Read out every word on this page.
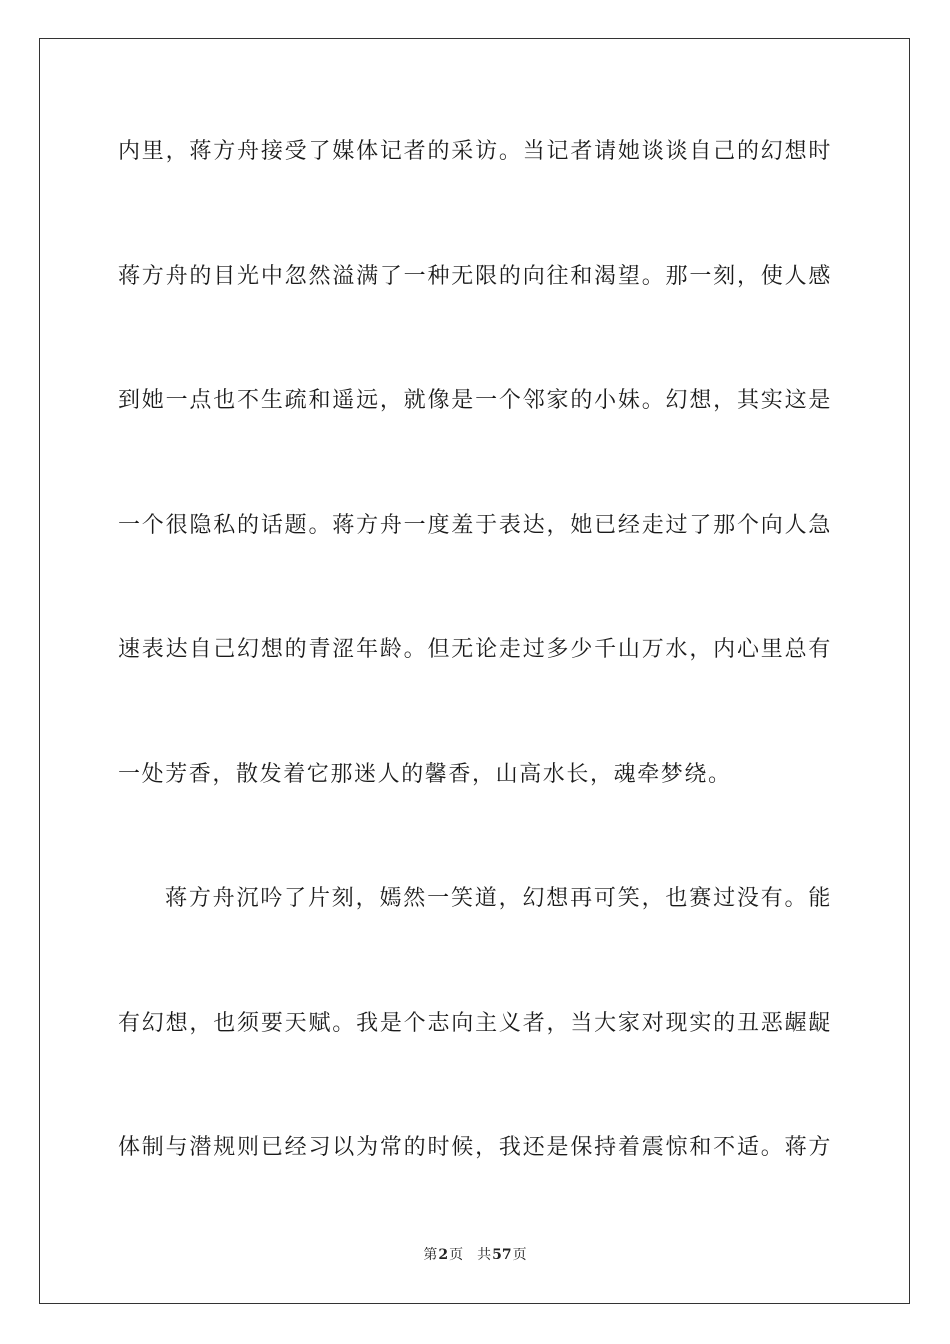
内里，蒋方舟接受了媒体记者的采访。当记者请她谈谈自己的幻想时
蒋方舟的目光中忽然溢满了一种无限的向往和渴望。那一刻，使人感
到她一点也不生疏和遥远，就像是一个邻家的小妹。幻想，其实这是
一个很隐私的话题。蒋方舟一度羞于表达，她已经走过了那个向人急
速表达自己幻想的青涩年龄。但无论走过多少千山万水，内心里总有
一处芳香，散发着它那迷人的馨香，山高水长，魂牵梦绕。
蒋方舟沉吟了片刻，嫣然一笑道，幻想再可笑，也赛过没有。能
有幻想，也须要天赋。我是个志向主义者，当大家对现实的丑恶龌龊
体制与潜规则已经习以为常的时候，我还是保持着震惊和不适。蒋方
第2页 共57页
